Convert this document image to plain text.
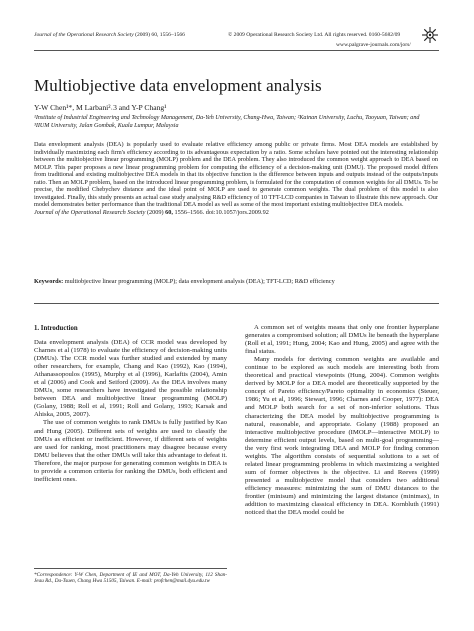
Journal of the Operational Research Society (2009) 60, 1556–1566	© 2009 Operational Research Society Ltd. All rights reserved. 0160-5682/09
www.palgrave-journals.com/jors/
Multiobjective data envelopment analysis
Y-W Chen¹*, M Larbani²˒3 and Y-P Chang¹
¹Institute of Industrial Engineering and Technology Management, Da-Yeh University, Chang-Hwa, Taiwan; ²Kainan University, Luchu, Taoyuan, Taiwan; and ³IIUM University, Jalan Gombak, Kuala Lumpur, Malaysia
Data envelopment analysis (DEA) is popularly used to evaluate relative efficiency among public or private firms. Most DEA models are established by individually maximizing each firm's efficiency according to its advantageous expectation by a ratio. Some scholars have pointed out the interesting relationship between the multiobjective linear programming (MOLP) problem and the DEA problem. They also introduced the common weight approach to DEA based on MOLP. This paper proposes a new linear programming problem for computing the efficiency of a decision-making unit (DMU). The proposed model differs from traditional and existing multiobjective DEA models in that its objective function is the difference between inputs and outputs instead of the outputs/inputs ratio. Then an MOLP problem, based on the introduced linear programming problem, is formulated for the computation of common weights for all DMUs. To be precise, the modified Chebychev distance and the ideal point of MOLP are used to generate common weights. The dual problem of this model is also investigated. Finally, this study presents an actual case study analysing R&D efficiency of 10 TFT-LCD companies in Taiwan to illustrate this new approach. Our model demonstrates better performance than the traditional DEA model as well as some of the most important existing multiobjective DEA models.
Journal of the Operational Research Society (2009) 60, 1556–1566. doi:10.1057/jors.2009.92
Keywords: multiobjective linear programming (MOLP); data envelopment analysis (DEA); TFT-LCD; R&D efficiency
1. Introduction

Data envelopment analysis (DEA) of CCR model was developed by Charnes et al (1978) to evaluate the efficiency of decision-making units (DMUs). The CCR model was further studied and extended by many other researchers, for example, Chang and Kao (1992), Kao (1994), Athanassopoulos (1995), Murphy et al (1996), Karlaftis (2004), Amin et al (2006) and Cook and Seiford (2009). As the DEA involves many DMUs, some researchers have investigated the possible relationship between DEA and multiobjective linear programming (MOLP) (Golany, 1988; Roll et al, 1991; Roll and Golany, 1993; Karsak and Ahiska, 2005, 2007).

The use of common weights to rank DMUs is fully justified by Kao and Hung (2005). Different sets of weights are used to classify the DMUs as efficient or inefficient. However, if different sets of weights are used for ranking, most practitioners may disagree because every DMU believes that the other DMUs will take this advantage to defeat it. Therefore, the major purpose for generating common weights in DEA is to provide a common criteria for ranking the DMUs, both efficient and inefficient ones.

A common set of weights means that only one frontier hyperplane generates a compromised solution; all DMUs lie beneath the hyperplane (Roll et al, 1991; Hung, 2004; Kao and Hung, 2005) and agree with the final status.

Many models for deriving common weights are available and continue to be explored as such models are interesting both from theoretical and practical viewpoints (Hung, 2004). Common weights derived by MOLP for a DEA model are theoretically supported by the concept of Pareto efficiency/Pareto optimality in economics (Steuer, 1986; Yu et al, 1996; Stewart, 1996; Charnes and Cooper, 1977): DEA and MOLP both search for a set of non-inferior solutions. Thus characterizing the DEA model by multiobjective programming is natural, reasonable, and appropriate. Golany (1988) proposed an interactive multiobjective procedure (IMOLP—interactive MOLP) to determine efficient output levels, based on multi-goal programming—the very first work integrating DEA and MOLP for finding common weights. The algorithm consists of sequential solutions to a set of related linear programming problems in which maximizing a weighted sum of former objectives is the objective. Li and Reeves (1999) presented a multiobjective model that considers two additional efficiency measures: minimizing the sum of DMU distances to the frontier (minisum) and minimizing the largest distance (minimax), in addition to maximizing classical efficiency in DEA. Kornbluth (1991) noticed that the DEA model could be

*Correspondence: Y-W Chen, Department of IE and MOT, Da-Yeh University, 112 Shan-Jeau Rd., Da-Tsuen, Chang Hwa 51505, Taiwan. E-mail: profchen@mail.dyu.edu.tw
